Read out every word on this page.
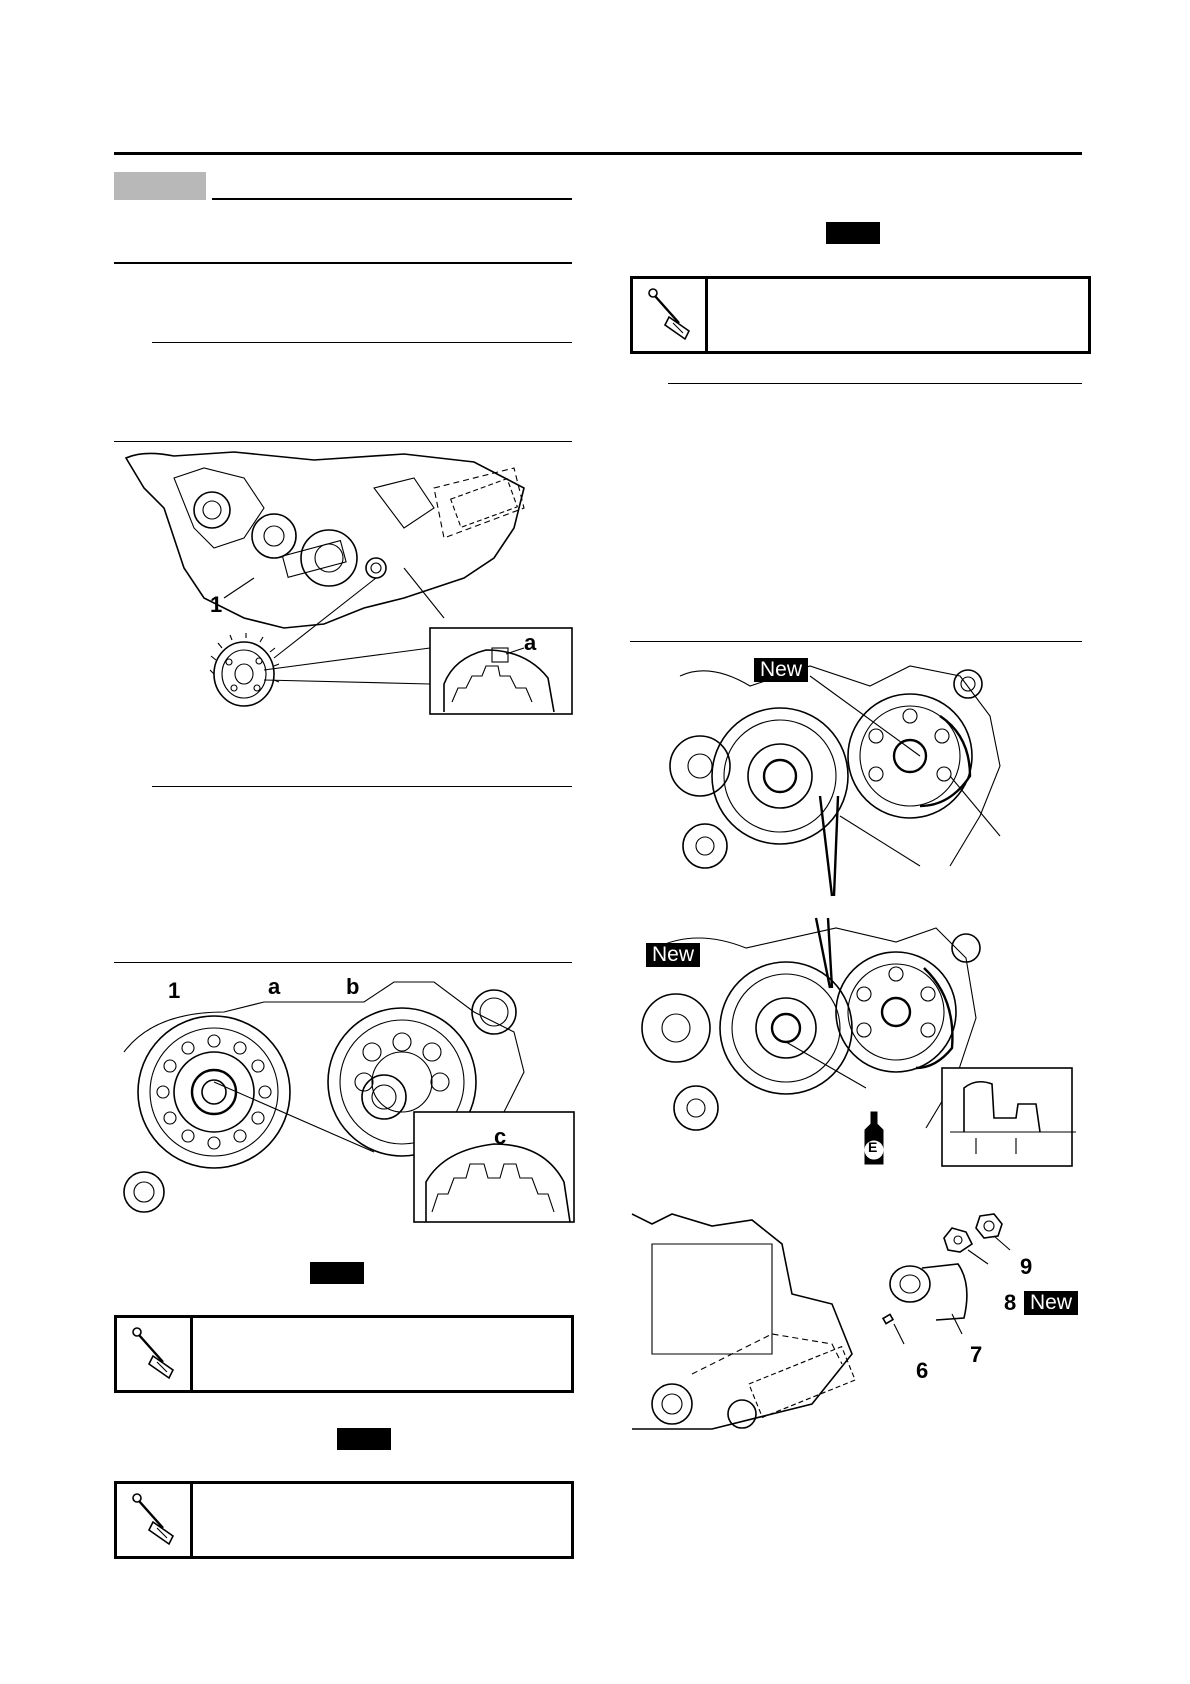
1
a
1	a	b
c
New
New
E
9
8 New
7
6
